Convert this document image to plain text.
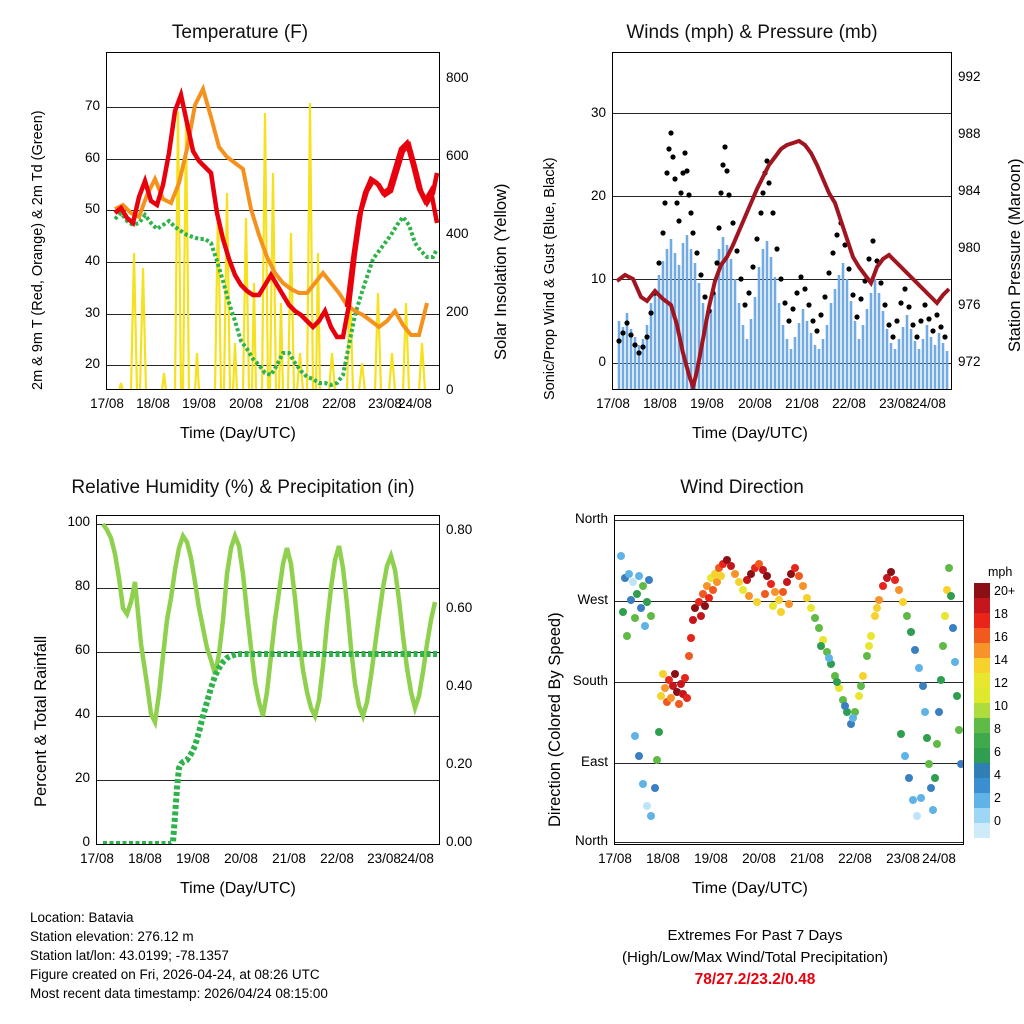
Temperature (F)
2m & 9m T (Red, Orange) & 2m Td (Green)	Solar Insolation (Yellow)
Time (Day/UTC)
20
30
40
50
60
70
0
200
400
600
800
17/08 18/08 19/08 20/08 21/08 22/08 23/08
24/08
Winds (mph) & Pressure (mb)
Sonic/Prop Wind & Gust (Blue, Black)	Station Pressure (Maroon)
Time (Day/UTC)
0
10
20
30
972
976
980
984
988
992
17/08 18/08 19/08	20/08 21/08 22/08 23/08 24/08
Relative Humidity (%) & Precipitation (in)
Percent & Total Rainfall
Time (Day/UTC)
0
20
40
60
80
100
0.00
0.20
0.40
0.60
0.80
17/08	18/08	19/08	20/08	21/08	22/08 23/08 24/08
Wind Direction
Direction (Colored By Speed)
Time (Day/UTC)
North
West
South
East
North
17/08	18/08	19/08	20/08	21/08	22/08	23/08 24/08
mph
20+
18
16
14
12
10
8
6
4
2
0
Location: Batavia
Station elevation: 276.12 m
Station lat/lon: 43.0199; -78.1357
Figure created on Fri, 2026-04-24, at 08:26 UTC
Most recent data timestamp: 2026/04/24 08:15:00
Extremes For Past 7 Days
(High/Low/Max Wind/Total Precipitation)
78/27.2/23.2/0.48
